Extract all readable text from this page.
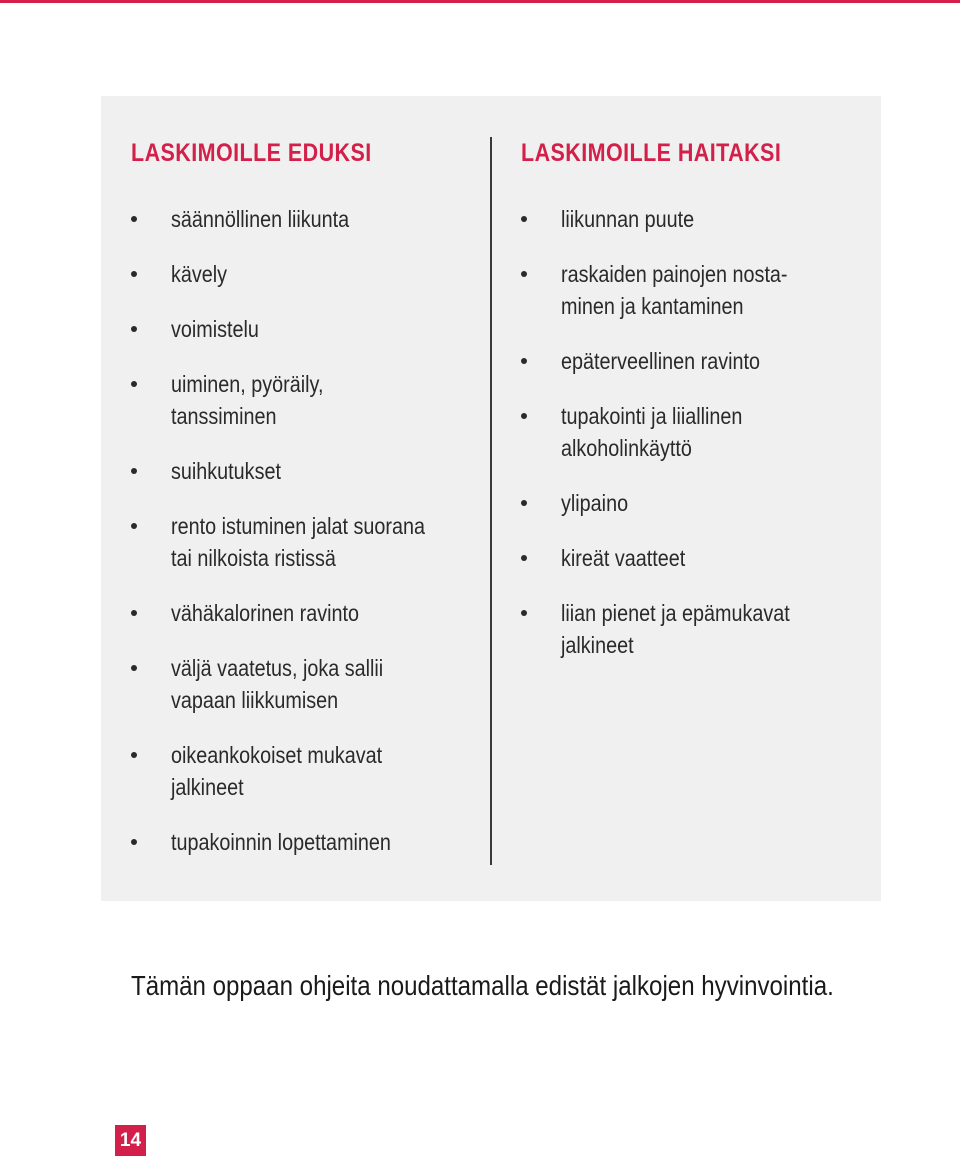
LASKIMOILLE EDUKSI
säännöllinen liikunta
kävely
voimistelu
uiminen, pyöräily,
tanssiminen
suihkutukset
rento istuminen jalat suorana
tai nilkoista ristissä
vähäkalorinen ravinto
väljä vaatetus, joka sallii
vapaan liikkumisen
oikeankokoiset mukavat
jalkineet
tupakoinnin lopettaminen
LASKIMOILLE HAITAKSI
liikunnan puute
raskaiden painojen nosta-
minen ja kantaminen
epäterveellinen ravinto
tupakointi ja liiallinen
alkoholinkäyttö
ylipaino
kireät vaatteet
liian pienet ja epämukavat
jalkineet
Tämän oppaan ohjeita noudattamalla edistät jalkojen hyvinvointia.
14
